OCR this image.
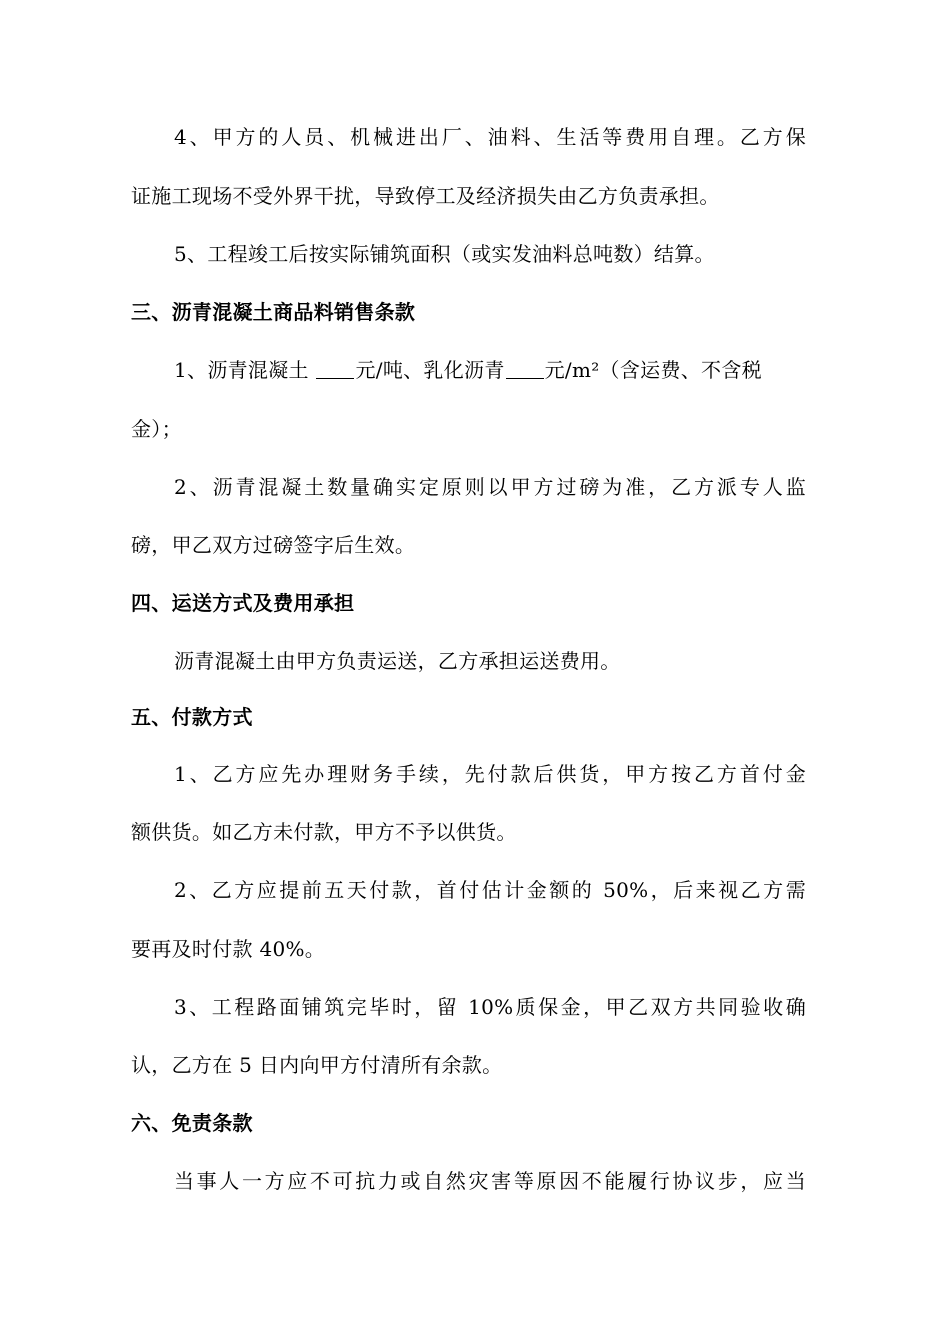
4、甲方的人员、机械进出厂、油料、生活等费用自理。乙方保
证施工现场不受外界干扰，导致停工及经济损失由乙方负责承担。
5、工程竣工后按实际铺筑面积（或实发油料总吨数）结算。
三、沥青混凝土商品料销售条款
1、沥青混凝土 元/吨、乳化沥青 元/m²（含运费、不含税
金）；
2、沥青混凝土数量确实定原则以甲方过磅为准，乙方派专人监
磅，甲乙双方过磅签字后生效。
四、运送方式及费用承担
沥青混凝土由甲方负责运送，乙方承担运送费用。
五、付款方式
1、乙方应先办理财务手续，先付款后供货，甲方按乙方首付金
额供货。如乙方未付款，甲方不予以供货。
2、乙方应提前五天付款，首付估计金额的 50%，后来视乙方需
要再及时付款 40%。
3、工程路面铺筑完毕时，留 10%质保金，甲乙双方共同验收确
认，乙方在 5 日内向甲方付清所有余款。
六、免责条款
当事人一方应不可抗力或自然灾害等原因不能履行协议步，应当
